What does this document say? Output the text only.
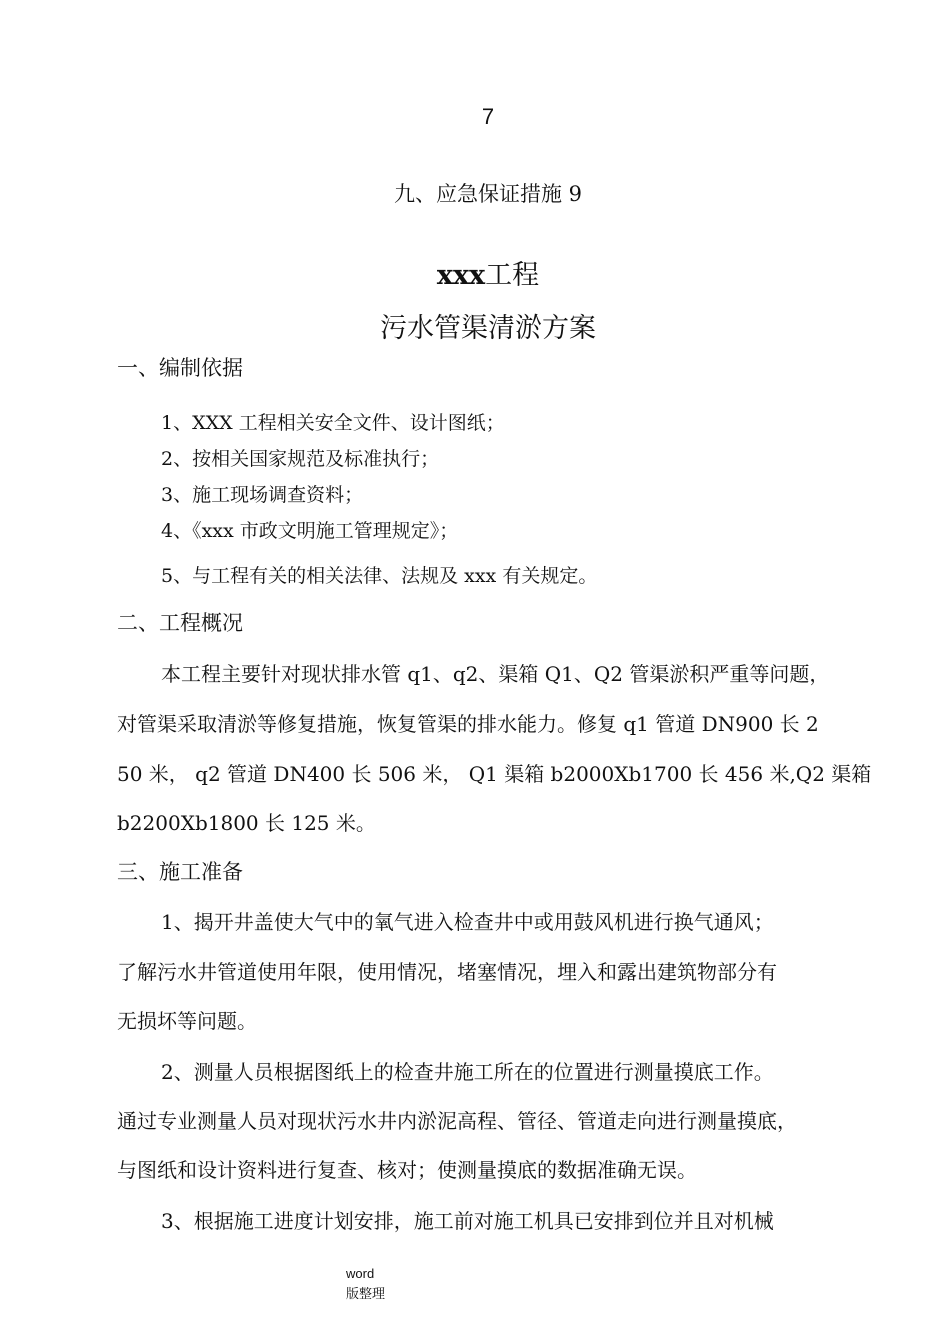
7
九、应急保证措施 9
xxx工程
污水管渠清淤方案
一、编制依据
1、XXX 工程相关安全文件、设计图纸；
2、按相关国家规范及标准执行；
3、施工现场调查资料；
4、《xxx 市政文明施工管理规定》；
5、与工程有关的相关法律、法规及 xxx 有关规定。
二、工程概况
本工程主要针对现状排水管 q1、q2、渠箱 Q1、Q2 管渠淤积严重等问题，
对管渠采取清淤等修复措施，恢复管渠的排水能力。修复 q1 管道 DN900 长 2
50 米， q2 管道 DN400 长 506 米， Q1 渠箱 b2000Xb1700 长 456 米,Q2 渠箱
b2200Xb1800 长 125 米。
三、施工准备
1、揭开井盖使大气中的氧气进入检查井中或用鼓风机进行换气通风；
了解污水井管道使用年限，使用情况，堵塞情况，埋入和露出建筑物部分有
无损坏等问题。
2、测量人员根据图纸上的检查井施工所在的位置进行测量摸底工作。
通过专业测量人员对现状污水井内淤泥高程、管径、管道走向进行测量摸底，
与图纸和设计资料进行复查、核对；使测量摸底的数据准确无误。
3、根据施工进度计划安排，施工前对施工机具已安排到位并且对机械
word
版整理
